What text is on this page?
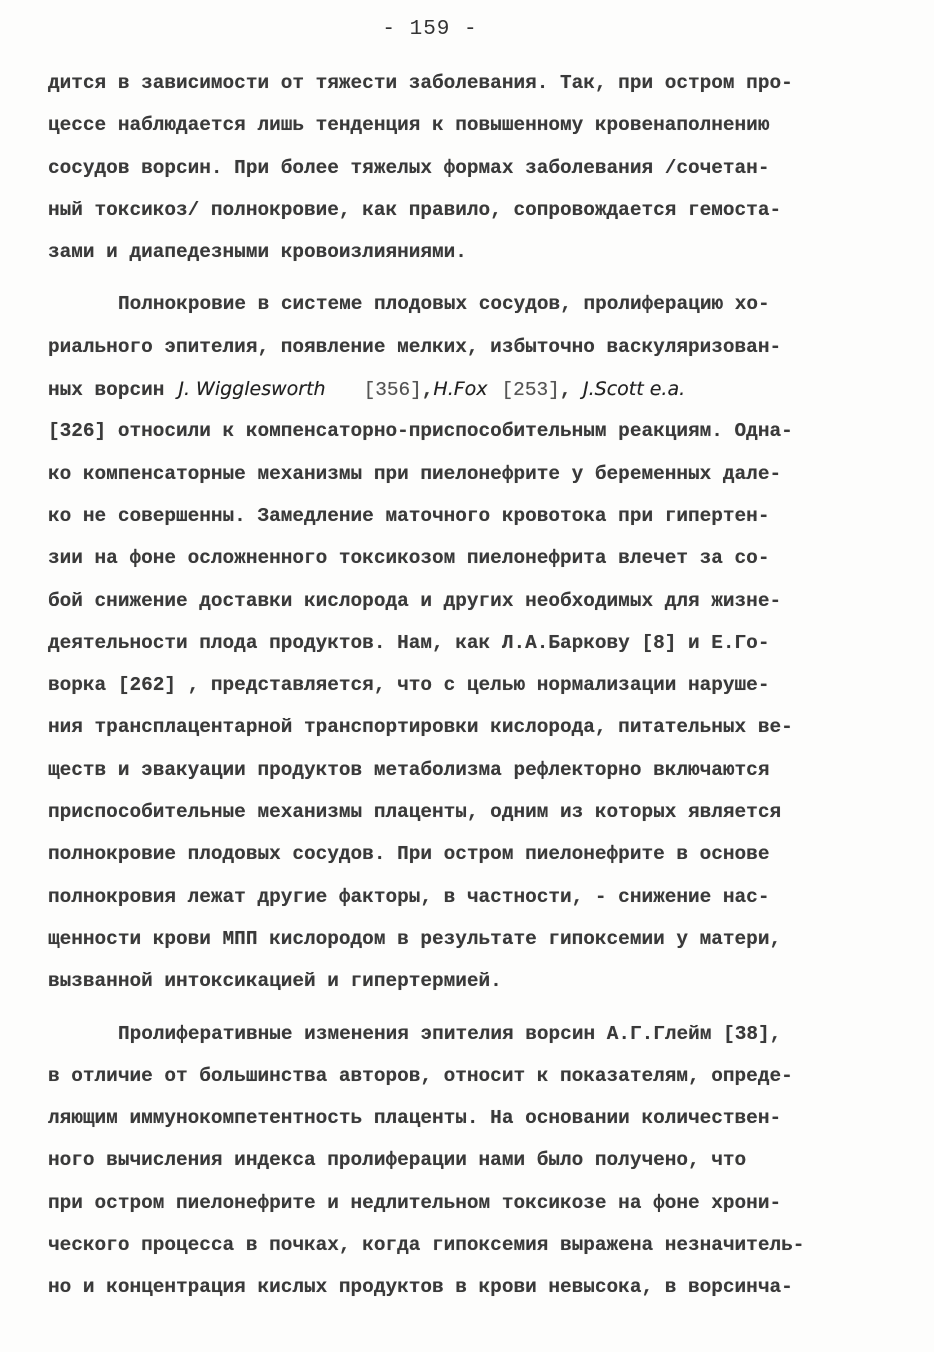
- 159 -
дится в зависимости от тяжести заболевания. Так, при остром про-
цессе наблюдается лишь тенденция к повышенному кровенаполнению
сосудов ворсин. При более тяжелых формах заболевания /сочетан-
ный токсикоз/ полнокровие, как правило, сопровождается гемоста-
зами и диапедезными кровоизлияниями.
Полнокровие в системе плодовых сосудов, пролиферацию хо-
риального эпителия, появление мелких, избыточно васкуляризован-
ных ворсин J. Wigglesworth [356],H.Fox [253], J.Scott e.a.
[326] относили к компенсаторно-приспособительным реакциям. Одна-
ко компенсаторные механизмы при пиелонефрите у беременных дале-
ко не совершенны. Замедление маточного кровотока при гипертен-
зии на фоне осложненного токсикозом пиелонефрита влечет за со-
бой снижение доставки кислорода и других необходимых для жизне-
деятельности плода продуктов. Нам, как Л.А.Баркову [8] и Е.Го-
ворка [262] , представляется, что с целью нормализации наруше-
ния трансплацентарной транспортировки кислорода, питательных ве-
ществ и эвакуации продуктов метаболизма рефлекторно включаются
приспособительные механизмы плаценты, одним из которых является
полнокровие плодовых сосудов. При остром пиелонефрите в основе
полнокровия лежат другие факторы, в частности, - снижение нас-
щенности крови МПП кислородом в результате гипоксемии у матери,
вызванной интоксикацией и гипертермией.
Пролиферативные изменения эпителия ворсин А.Г.Глейм [38],
в отличие от большинства авторов, относит к показателям, опреде-
ляющим иммунокомпетентность плаценты. На основании количествен-
ного вычисления индекса пролиферации нами было получено, что
при остром пиелонефрите и недлительном токсикозе на фоне хрони-
ческого процесса в почках, когда гипоксемия выражена незначитель-
но и концентрация кислых продуктов в крови невысока, в ворсинча-
